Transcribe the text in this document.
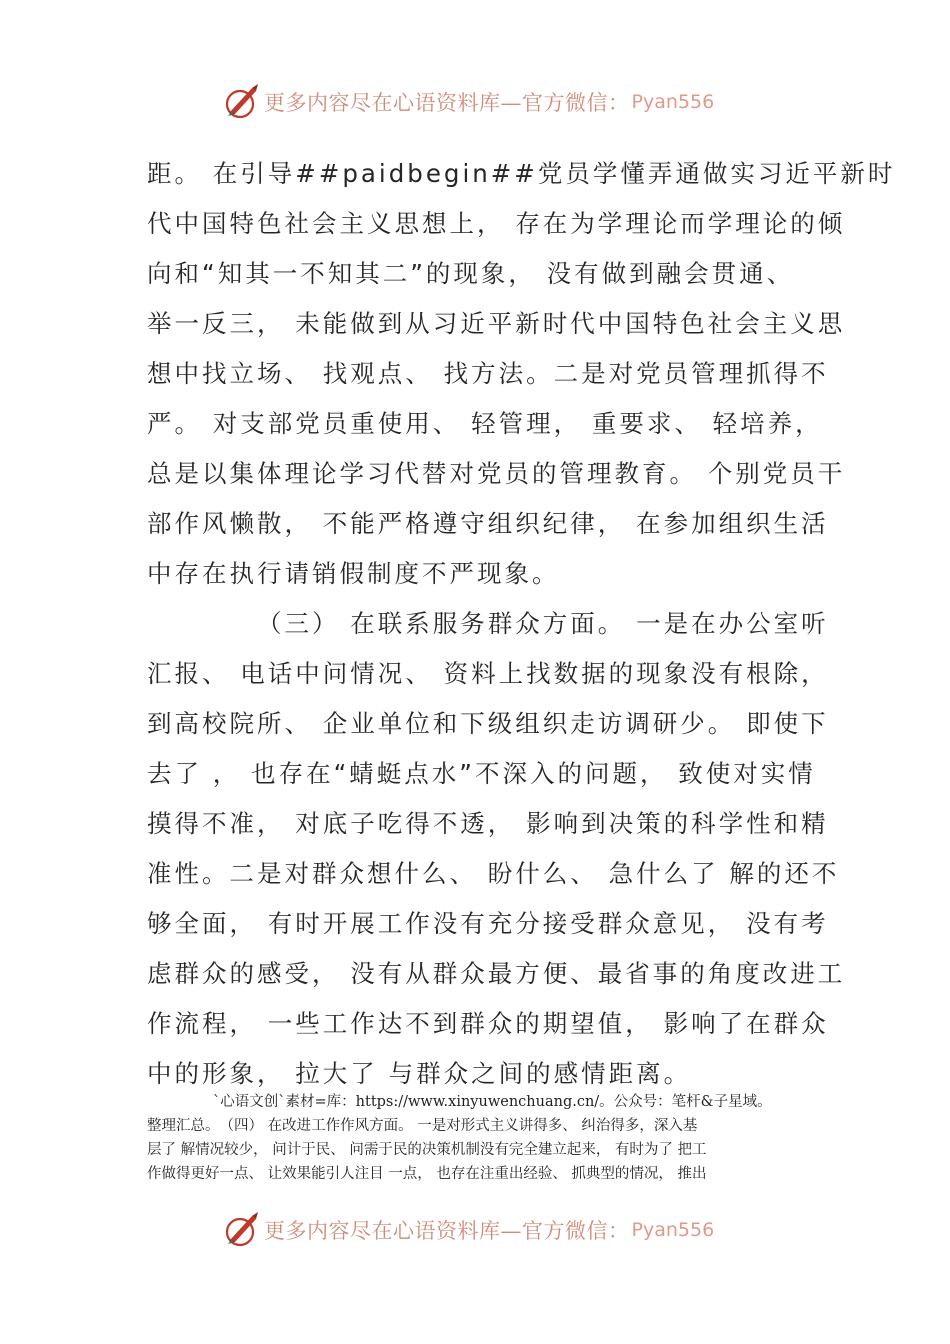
更多内容尽在心语资料库—官方微信： Pyan556
距。 在引导##paidbegin##党员学懂弄通做实习近平新时
代中国特色社会主义思想上， 存在为学理论而学理论的倾
向和“知其一不知其二”的现象， 没有做到融会贯通、
举一反三， 未能做到从习近平新时代中国特色社会主义思
想中找立场、 找观点、 找方法。二是对党员管理抓得不
严。 对支部党员重使用、 轻管理， 重要求、 轻培养，
总是以集体理论学习代替对党员的管理教育。 个别党员干
部作风懒散， 不能严格遵守组织纪律， 在参加组织生活
中存在执行请销假制度不严现象。
（三） 在联系服务群众方面。 一是在办公室听
汇报、 电话中问情况、 资料上找数据的现象没有根除，
到高校院所、 企业单位和下级组织走访调研少。 即使下
去了 ， 也存在“蜻蜓点水”不深入的问题， 致使对实情
摸得不准， 对底子吃得不透， 影响到决策的科学性和精
准性。二是对群众想什么、 盼什么、 急什么了 解的还不
够全面， 有时开展工作没有充分接受群众意见， 没有考
虑群众的感受， 没有从群众最方便、最省事的角度改进工
作流程， 一些工作达不到群众的期望值， 影响了在群众
中的形象， 拉大了 与群众之间的感情距离。
`心语文创`素材=库：https://www.xinyuwenchuang.cn/。公众号：笔杆&子星域。
整理汇总。　（四） 在改进工作作风方面。 一是对形式主义讲得多、 纠治得多，深入基
层了 解情况较少， 问计于民、 问需于民的决策机制没有完全建立起来， 有时为了 把工
作做得更好一点、 让效果能引人注目 一点， 也存在注重出经验、 抓典型的情况， 推出
更多内容尽在心语资料库—官方微信： Pyan556
